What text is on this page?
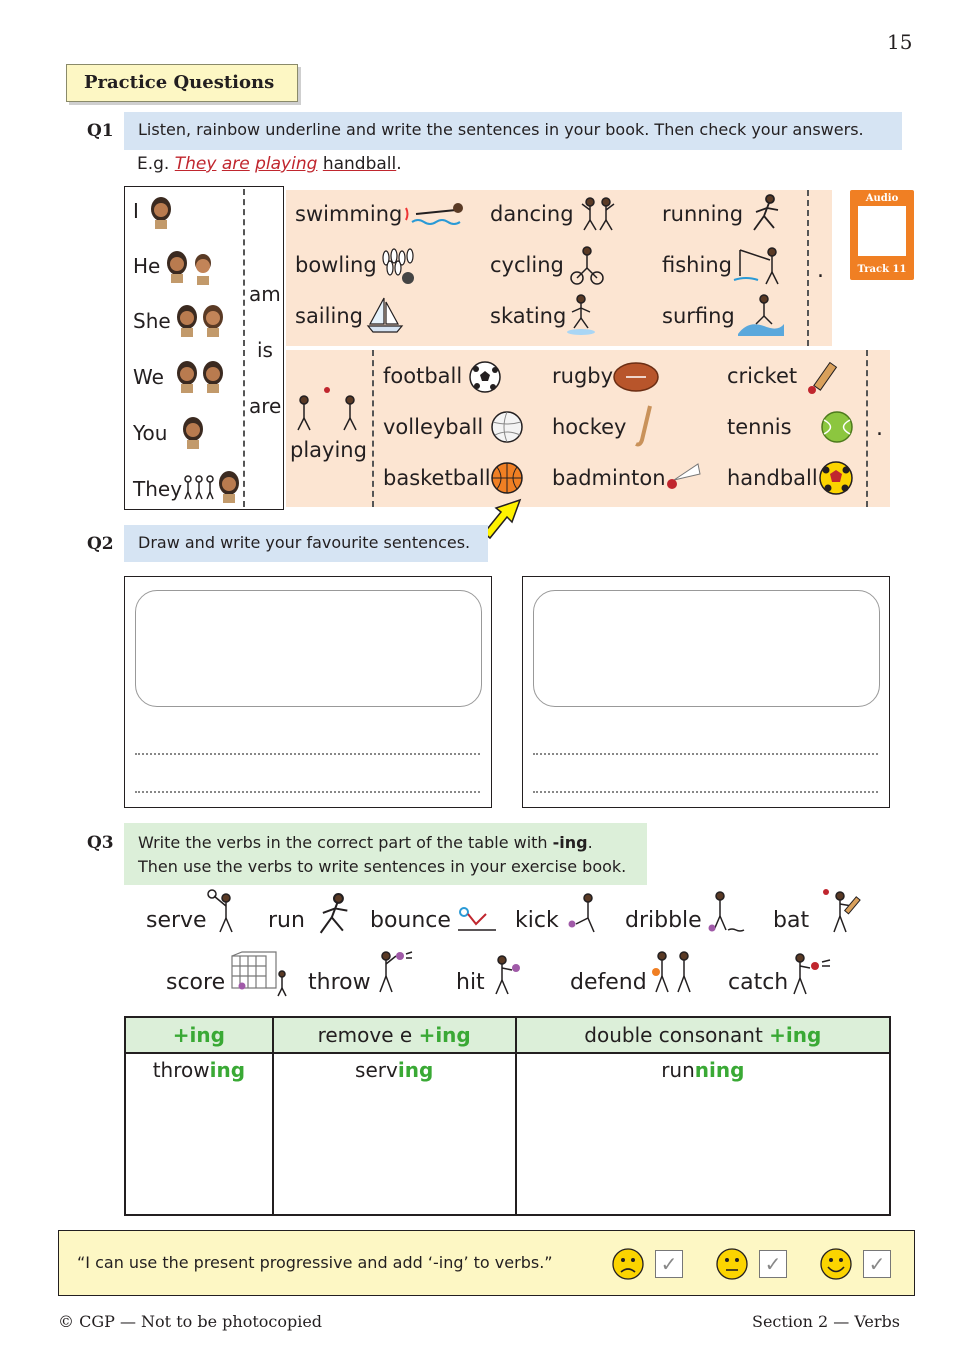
15
Practice Questions
Q1	Listen, rainbow underline and write the sentences in your book. Then check your answers.
E.g. They are playing handball.
I
He
She
We
You
They
am
is
are
swimming	dancing	running
bowling	cycling	fishing
sailing	skating	surfing
.
Audio
Track 11
playing
football	rugby	cricket
volleyball	hockey	tennis
basketball	badminton	handball
.
Q2	Draw and write your favourite sentences.
Q3 Write the verbs in the correct part of the table with -ing.
Then use the verbs to write sentences in your exercise book.
serve	run	bounce	kick	dribble	bat
score	throw	hit	defend	catch
+ing	remove e +ing	double consonant +ing
throwing	serving	running
“I can use the present progressive and add ‘-ing’ to verbs.”	✓	✓	✓
© CGP — Not to be photocopied	Section 2 — Verbs
